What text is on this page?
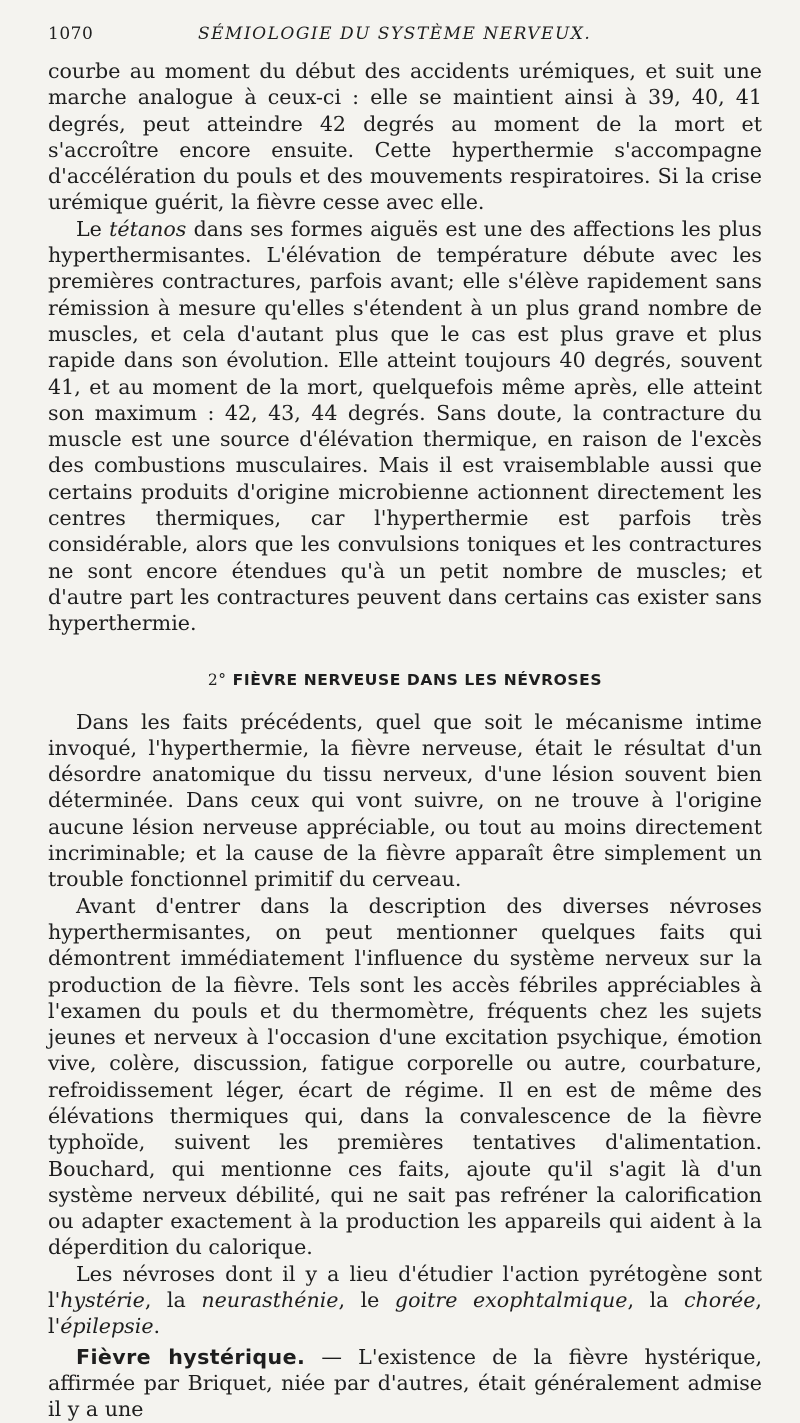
1070	SÉMIOLOGIE DU SYSTÈME NERVEUX.

courbe au moment du début des accidents urémiques, et suit une marche analogue à ceux-ci : elle se maintient ainsi à 39, 40, 41 degrés, peut atteindre 42 degrés au moment de la mort et s'accroître encore ensuite. Cette hyperthermie s'accompagne d'accélération du pouls et des mouvements respiratoires. Si la crise urémique guérit, la fièvre cesse avec elle.

Le tétanos dans ses formes aiguës est une des affections les plus hyperthermisantes. L'élévation de température débute avec les premières contractures, parfois avant; elle s'élève rapidement sans rémission à mesure qu'elles s'étendent à un plus grand nombre de muscles, et cela d'autant plus que le cas est plus grave et plus rapide dans son évolution. Elle atteint toujours 40 degrés, souvent 41, et au moment de la mort, quelquefois même après, elle atteint son maximum : 42, 43, 44 degrés. Sans doute, la contracture du muscle est une source d'élévation thermique, en raison de l'excès des combustions musculaires. Mais il est vraisemblable aussi que certains produits d'origine microbienne actionnent directement les centres thermiques, car l'hyperthermie est parfois très considérable, alors que les convulsions toniques et les contractures ne sont encore étendues qu'à un petit nombre de muscles; et d'autre part les contractures peuvent dans certains cas exister sans hyperthermie.

2° FIÈVRE NERVEUSE DANS LES NÉVROSES

Dans les faits précédents, quel que soit le mécanisme intime invoqué, l'hyperthermie, la fièvre nerveuse, était le résultat d'un désordre anatomique du tissu nerveux, d'une lésion souvent bien déterminée. Dans ceux qui vont suivre, on ne trouve à l'origine aucune lésion nerveuse appréciable, ou tout au moins directement incriminable; et la cause de la fièvre apparaît être simplement un trouble fonctionnel primitif du cerveau.

Avant d'entrer dans la description des diverses névroses hyperthermisantes, on peut mentionner quelques faits qui démontrent immédiatement l'influence du système nerveux sur la production de la fièvre. Tels sont les accès fébriles appréciables à l'examen du pouls et du thermomètre, fréquents chez les sujets jeunes et nerveux à l'occasion d'une excitation psychique, émotion vive, colère, discussion, fatigue corporelle ou autre, courbature, refroidissement léger, écart de régime. Il en est de même des élévations thermiques qui, dans la convalescence de la fièvre typhoïde, suivent les premières tentatives d'alimentation. Bouchard, qui mentionne ces faits, ajoute qu'il s'agit là d'un système nerveux débilité, qui ne sait pas refréner la calorification ou adapter exactement à la production les appareils qui aident à la déperdition du calorique.

Les névroses dont il y a lieu d'étudier l'action pyrétogène sont l'hystérie, la neurasthénie, le goitre exophtalmique, la chorée, l'épilepsie.

Fièvre hystérique. — L'existence de la fièvre hystérique, affirmée par Briquet, niée par d'autres, était généralement admise il y a une
